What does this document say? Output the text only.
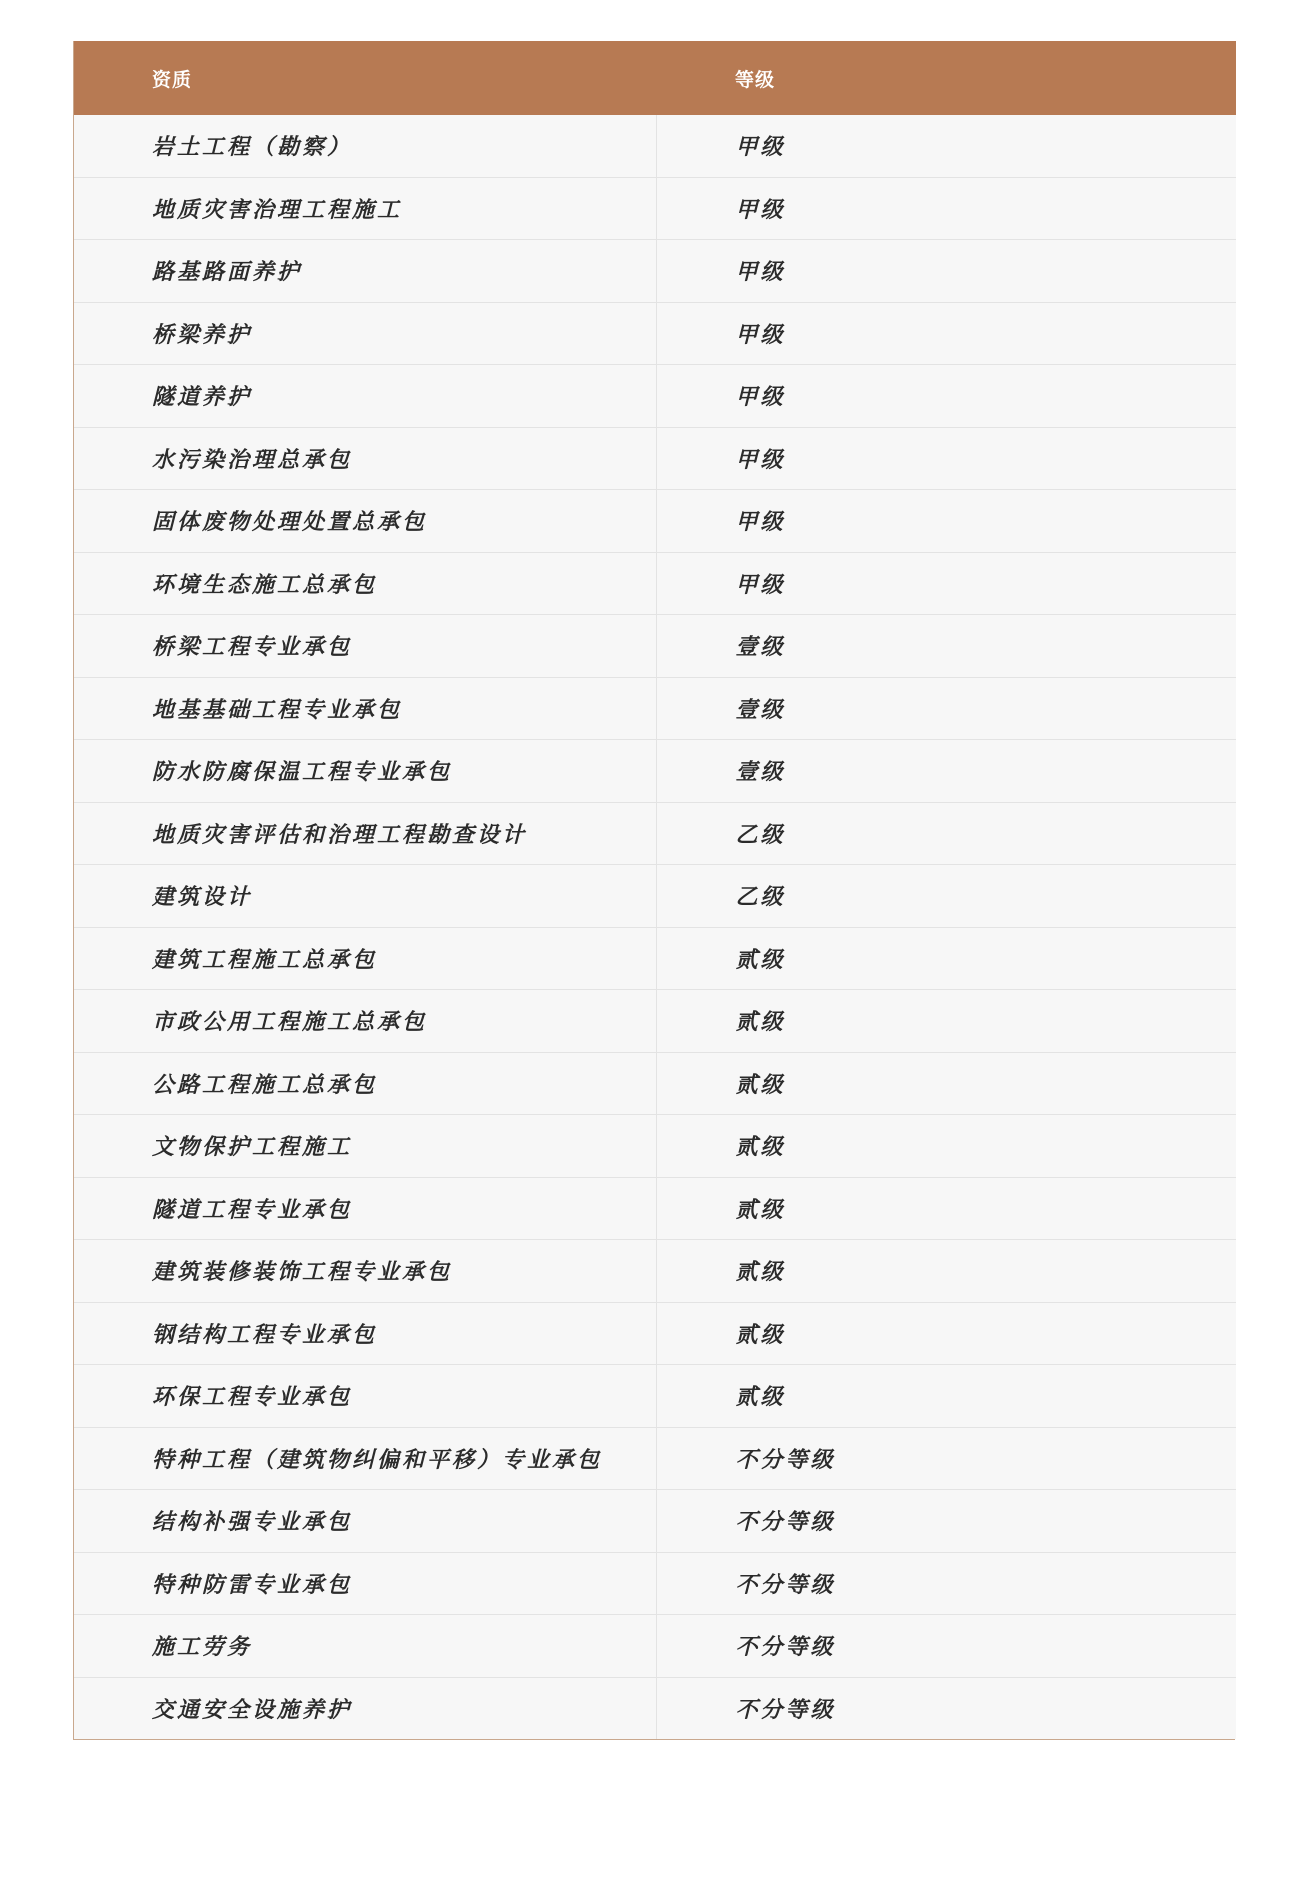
资质	等级

岩土工程（勘察）	甲级
地质灾害治理工程施工	甲级
路基路面养护	甲级
桥梁养护	甲级
隧道养护	甲级
水污染治理总承包	甲级
固体废物处理处置总承包	甲级
环境生态施工总承包	甲级
桥梁工程专业承包	壹级
地基基础工程专业承包	壹级
防水防腐保温工程专业承包	壹级
地质灾害评估和治理工程勘查设计	乙级
建筑设计	乙级
建筑工程施工总承包	贰级
市政公用工程施工总承包	贰级
公路工程施工总承包	贰级
文物保护工程施工	贰级
隧道工程专业承包	贰级
建筑装修装饰工程专业承包	贰级
钢结构工程专业承包	贰级
环保工程专业承包	贰级
特种工程（建筑物纠偏和平移）专业承包	不分等级
结构补强专业承包	不分等级
特种防雷专业承包	不分等级
施工劳务	不分等级
交通安全设施养护	不分等级
